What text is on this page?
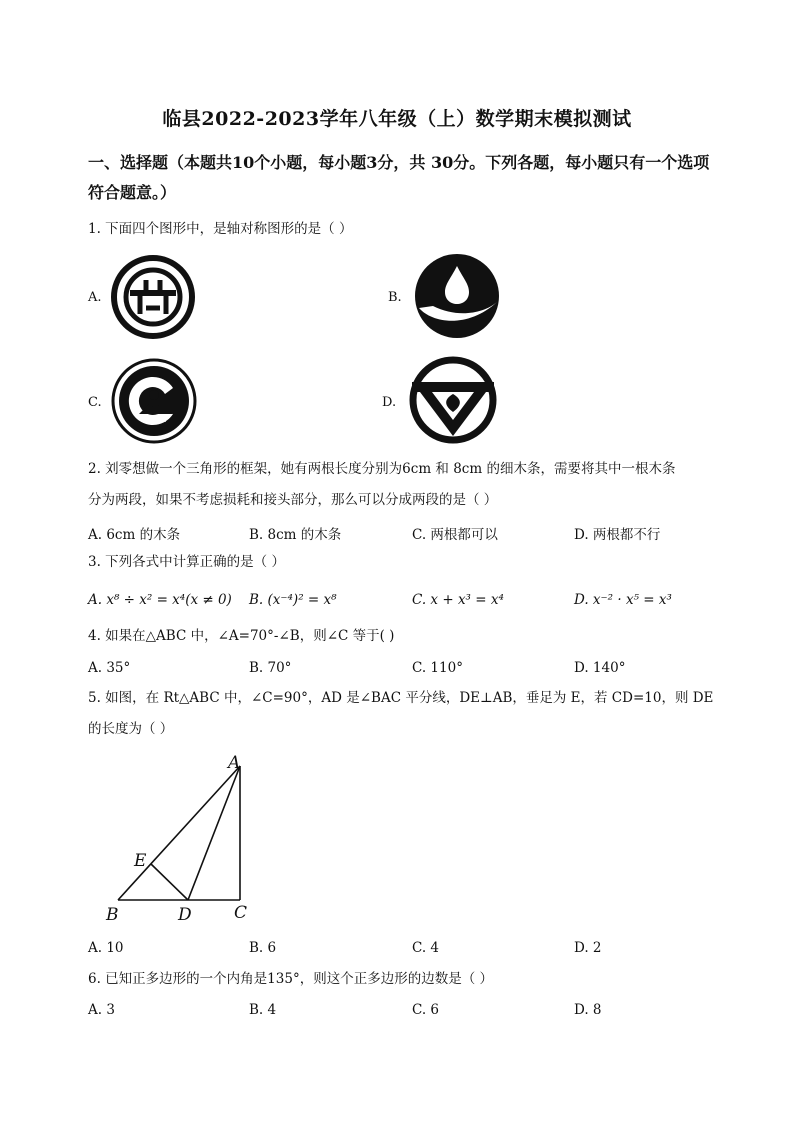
临县2022-2023学年八年级（上）数学期末模拟测试
一、选择题（本题共10个小题，每小题3分，共 30分。下列各题，每小题只有一个选项符合题意。）
1. 下面四个图形中，是轴对称图形的是（ ）
A.	B.
C.	D.
2. 刘零想做一个三角形的框架，她有两根长度分别为6cm 和 8cm 的细木条，需要将其中一根木条
分为两段，如果不考虑损耗和接头部分，那么可以分成两段的是（ ）
A. 6cm 的木条	B. 8cm 的木条	C. 两根都可以	D. 两根都不行
3. 下列各式中计算正确的是（ ）
A. x⁸ ÷ x² = x⁴(x ≠ 0) B. (x⁻⁴)² = x⁸	C. x + x³ = x⁴	D. x⁻² · x⁵ = x³
4. 如果在△ABC 中，∠A=70°-∠B，则∠C 等于( )
A. 35°	B. 70°	C. 110°	D. 140°
5. 如图，在 Rt△ABC 中，∠C=90°，AD 是∠BAC 平分线，DE⊥AB，垂足为 E，若 CD=10，则 DE
的长度为（ ）
A
E
B	D C
A. 10	B. 6	C. 4	D. 2
6. 已知正多边形的一个内角是135°，则这个正多边形的边数是（ ）
A. 3	B. 4	C. 6	D. 8
